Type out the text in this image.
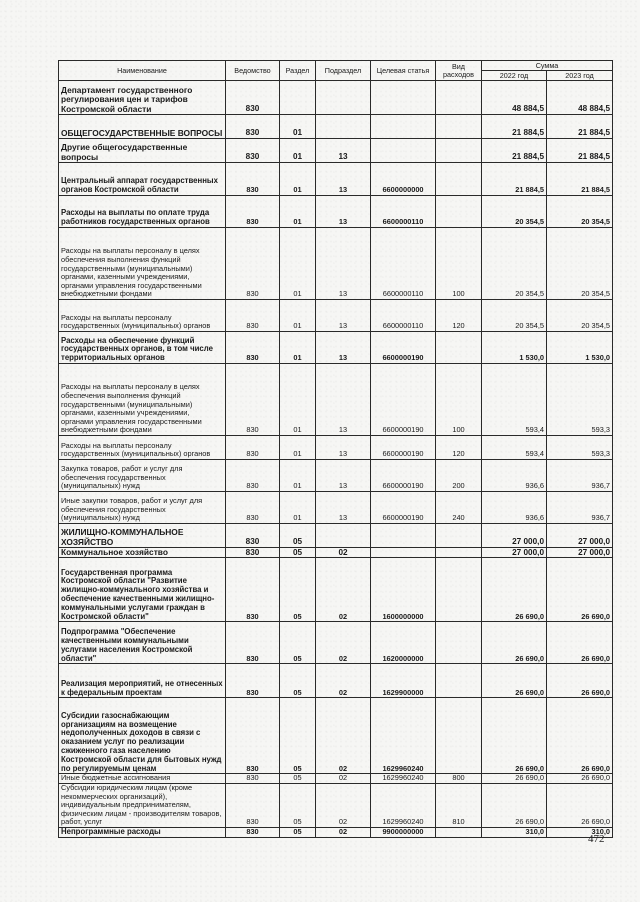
Наименование	Ведомство	Раздел	Подраздел	Целевая статья	Вид расходов	Сумма	
						2022 год	2023 год
Департамент государственного регулирования цен и тарифов Костромской области	830					48 884,5	48 884,5
ОБЩЕГОСУДАРСТВЕННЫЕ ВОПРОСЫ	830	01				21 884,5	21 884,5
Другие общегосударственные вопросы	830	01	13			21 884,5	21 884,5
Центральный аппарат государственных органов Костромской области	830	01	13	6600000000		21 884,5	21 884,5
Расходы на выплаты по оплате труда работников государственных органов	830	01	13	6600000110		20 354,5	20 354,5
Расходы на выплаты персоналу в целях обеспечения выполнения функций государственными (муниципальными) органами, казенными учреждениями, органами управления государственными внебюджетными фондами	830	01	13	6600000110	100	20 354,5	20 354,5
Расходы на выплаты персоналу государственных (муниципальных) органов	830	01	13	6600000110	120	20 354,5	20 354,5
Расходы на обеспечение функций государственных органов, в том числе территориальных органов	830	01	13	6600000190		1 530,0	1 530,0
Расходы на выплаты персоналу в целях обеспечения выполнения функций государственными (муниципальными) органами, казенными учреждениями, органами управления государственными внебюджетными фондами	830	01	13	6600000190	100	593,4	593,3
Расходы на выплаты персоналу государственных (муниципальных) органов	830	01	13	6600000190	120	593,4	593,3
Закупка товаров, работ и услуг для обеспечения государственных (муниципальных) нужд	830	01	13	6600000190	200	936,6	936,7
Иные закупки товаров, работ и услуг для обеспечения государственных (муниципальных) нужд	830	01	13	6600000190	240	936,6	936,7
ЖИЛИЩНО-КОММУНАЛЬНОЕ ХОЗЯЙСТВО	830	05				27 000,0	27 000,0
Коммунальное хозяйство	830	05	02			27 000,0	27 000,0
Государственная программа Костромской области "Развитие жилищно-коммунального хозяйства и обеспечение качественными жилищно-коммунальными услугами граждан в Костромской области"	830	05	02	1600000000		26 690,0	26 690,0
Подпрограмма "Обеспечение качественными коммунальными услугами населения Костромской области"	830	05	02	1620000000		26 690,0	26 690,0
Реализация мероприятий, не отнесенных к федеральным проектам	830	05	02	1629900000		26 690,0	26 690,0
Субсидии газоснабжающим организациям на возмещение недополученных доходов в связи с оказанием услуг по реализации сжиженного газа населению Костромской области для бытовых нужд по регулируемым ценам	830	05	02	1629960240		26 690,0	26 690,0
Иные бюджетные ассигнования	830	05	02	1629960240	800	26 690,0	26 690,0
Субсидии юридическим лицам (кроме некоммерческих организаций), индивидуальным предпринимателям, физическим лицам - производителям товаров, работ, услуг	830	05	02	1629960240	810	26 690,0	26 690,0
Непрограммные расходы	830	05	02	9900000000		310,0	310,0
472
